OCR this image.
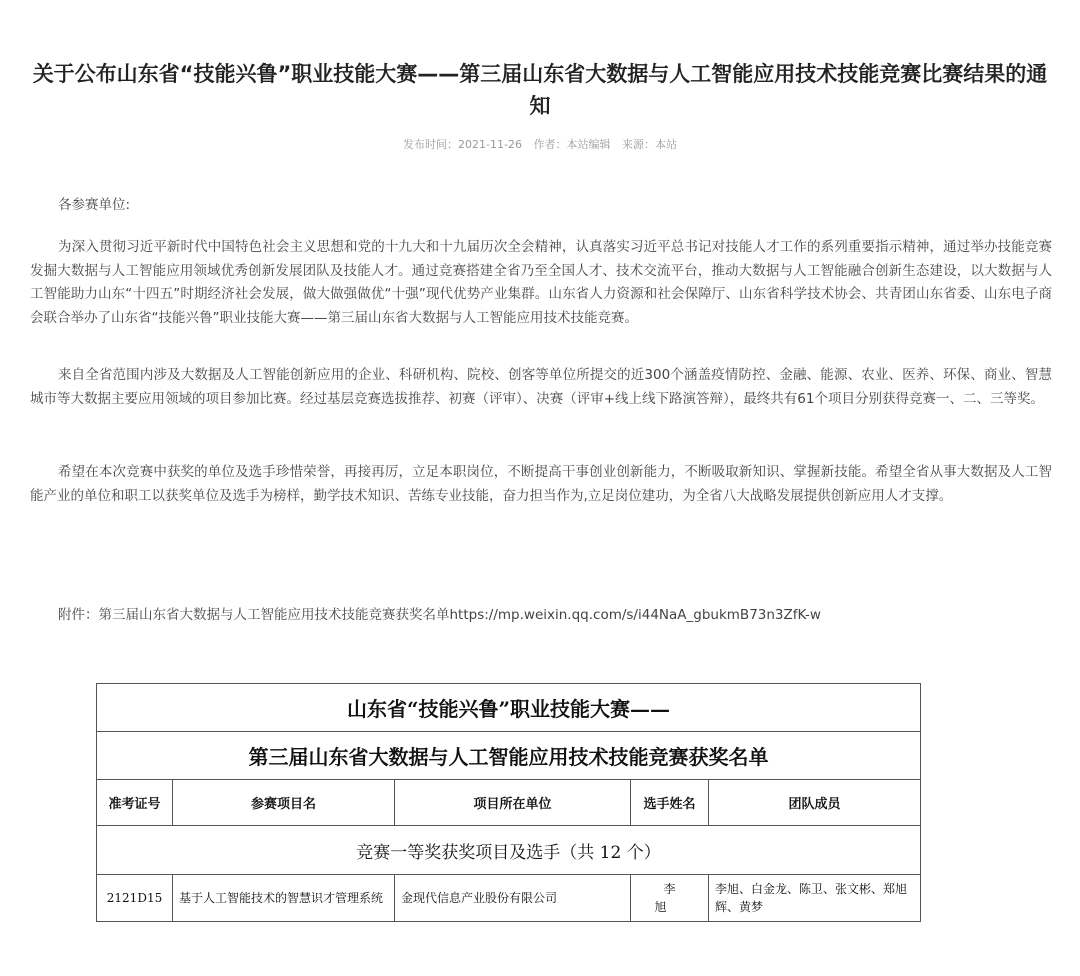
关于公布山东省“技能兴鲁”职业技能大赛——第三届山东省大数据与人工智能应用技术技能竞赛比赛结果的通知
发布时间：2021-11-26 作者：本站编辑 来源：本站

各参赛单位:

为深入贯彻习近平新时代中国特色社会主义思想和党的十九大和十九届历次全会精神，认真落实习近平总书记对技能人才工作的系列重要指示精神，通过举办技能竞赛发掘大数据与人工智能应用领域优秀创新发展团队及技能人才。通过竞赛搭建全省乃至全国人才、技术交流平台，推动大数据与人工智能融合创新生态建设，以大数据与人工智能助力山东“十四五”时期经济社会发展，做大做强做优“十强”现代优势产业集群。山东省人力资源和社会保障厅、山东省科学技术协会、共青团山东省委、山东电子商会联合举办了山东省“技能兴鲁”职业技能大赛——第三届山东省大数据与人工智能应用技术技能竞赛。

来自全省范围内涉及大数据及人工智能创新应用的企业、科研机构、院校、创客等单位所提交的近300个涵盖疫情防控、金融、能源、农业、医养、环保、商业、智慧城市等大数据主要应用领域的项目参加比赛。经过基层竞赛选拔推荐、初赛（评审）、决赛（评审+线上线下路演答辩），最终共有61个项目分别获得竞赛一、二、三等奖。

希望在本次竞赛中获奖的单位及选手珍惜荣誉，再接再厉，立足本职岗位，不断提高干事创业创新能力，不断吸取新知识、掌握新技能。希望全省从事大数据及人工智能产业的单位和职工以获奖单位及选手为榜样，勤学技术知识、苦练专业技能，奋力担当作为,立足岗位建功，为全省八大战略发展提供创新应用人才支撑。

附件：第三届山东省大数据与人工智能应用技术技能竞赛获奖名单https://mp.weixin.qq.com/s/i44NaA_gbukmB73n3ZfK-w
山东省“技能兴鲁”职业技能大赛——				
第三届山东省大数据与人工智能应用技术技能竞赛获奖名单				
准考证号	参赛项目名	项目所在单位	选手姓名	团队成员
竞赛一等奖获奖项目及选手（共 12 个）				
2121D15	基于人工智能技术的智慧识才管理系统	金现代信息产业股份有限公司	李旭	李旭、白金龙、陈卫、张文彬、郑旭辉、黄梦
